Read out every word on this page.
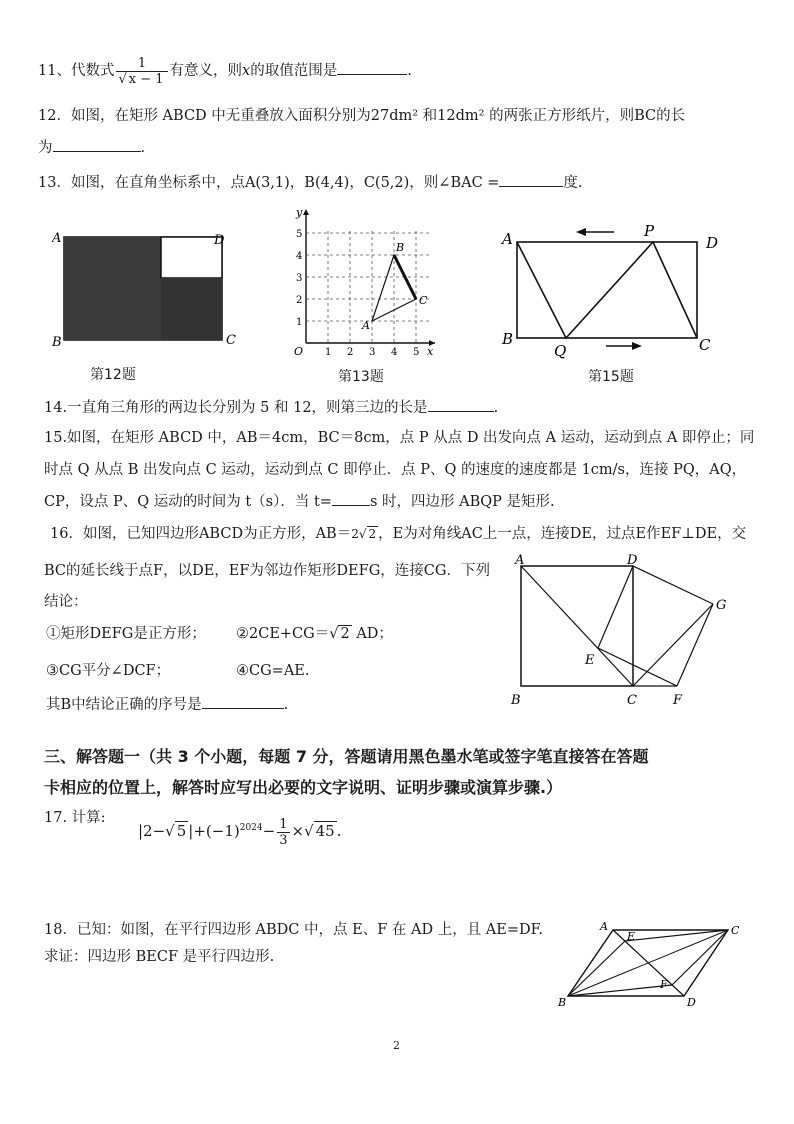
11、代数式 $\frac{1}{√ x - 1}$ 有意义，则x的取值范围是	.
12．如图，在矩形 ABCD 中无重叠放入面积分别为27dm² 和12dm² 的两张正方形纸片，则BC的长
为	.
13．如图，在直角坐标系中，点A(3,1)，B(4,4)，C(5,2)，则∠BAC =	度.
A	D
B	C
第12题
1 2 3 4 5
1
2
3
4
5
O
y
x
A
B
C
第13题
A	P
D
B
Q	C
第15题
14.一直角三角形的两边长分别为 5 和 12，则第三边的长是	.
15.如图，在矩形 ABCD 中，AB＝4cm，BC＝8cm，点 P 从点 D 出发向点 A 运动，运动到点 A 即停止；同
时点 Q 从点 B 出发向点 C 运动，运动到点 C 即停止．点 P、Q 的速度的速度都是 1cm/s，连接 PQ，AQ，
CP，设点 P、Q 运动的时间为 t（s）．当 t=	s 时，四边形 ABQP 是矩形.
16．如图，已知四边形ABCD为正方形，AB＝2√ 2 ，E为对角线AC上一点，连接DE，过点E作EF⊥DE，交
BC的延长线于点F，以DE，EF为邻边作矩形DEFG，连接CG．下列
结论：
①矩形DEFG是正方形； ②2CE+CG＝√ 2 AD；
③CG平分∠DCF；	④CG=AE.
其B中结论正确的序号是	.
A	D
G
E
B	C	F
三、解答题一（共 3 个小题，每题 7 分，答题请用黑色墨水笔或签字笔直接答在答题
卡相应的位置上，解答时应写出必要的文字说明、证明步骤或演算步骤.）
17. 计算:
|2−√ 5 $|+(-1)^{2024}- \frac{1}{3}$ ×√ 45 .
18．已知：如图，在平行四边形 ABDC 中，点 E、F 在 AD 上，且 AE=DF.
求证：四边形 BECF 是平行四边形.
A
E	C
B
F
D
2
